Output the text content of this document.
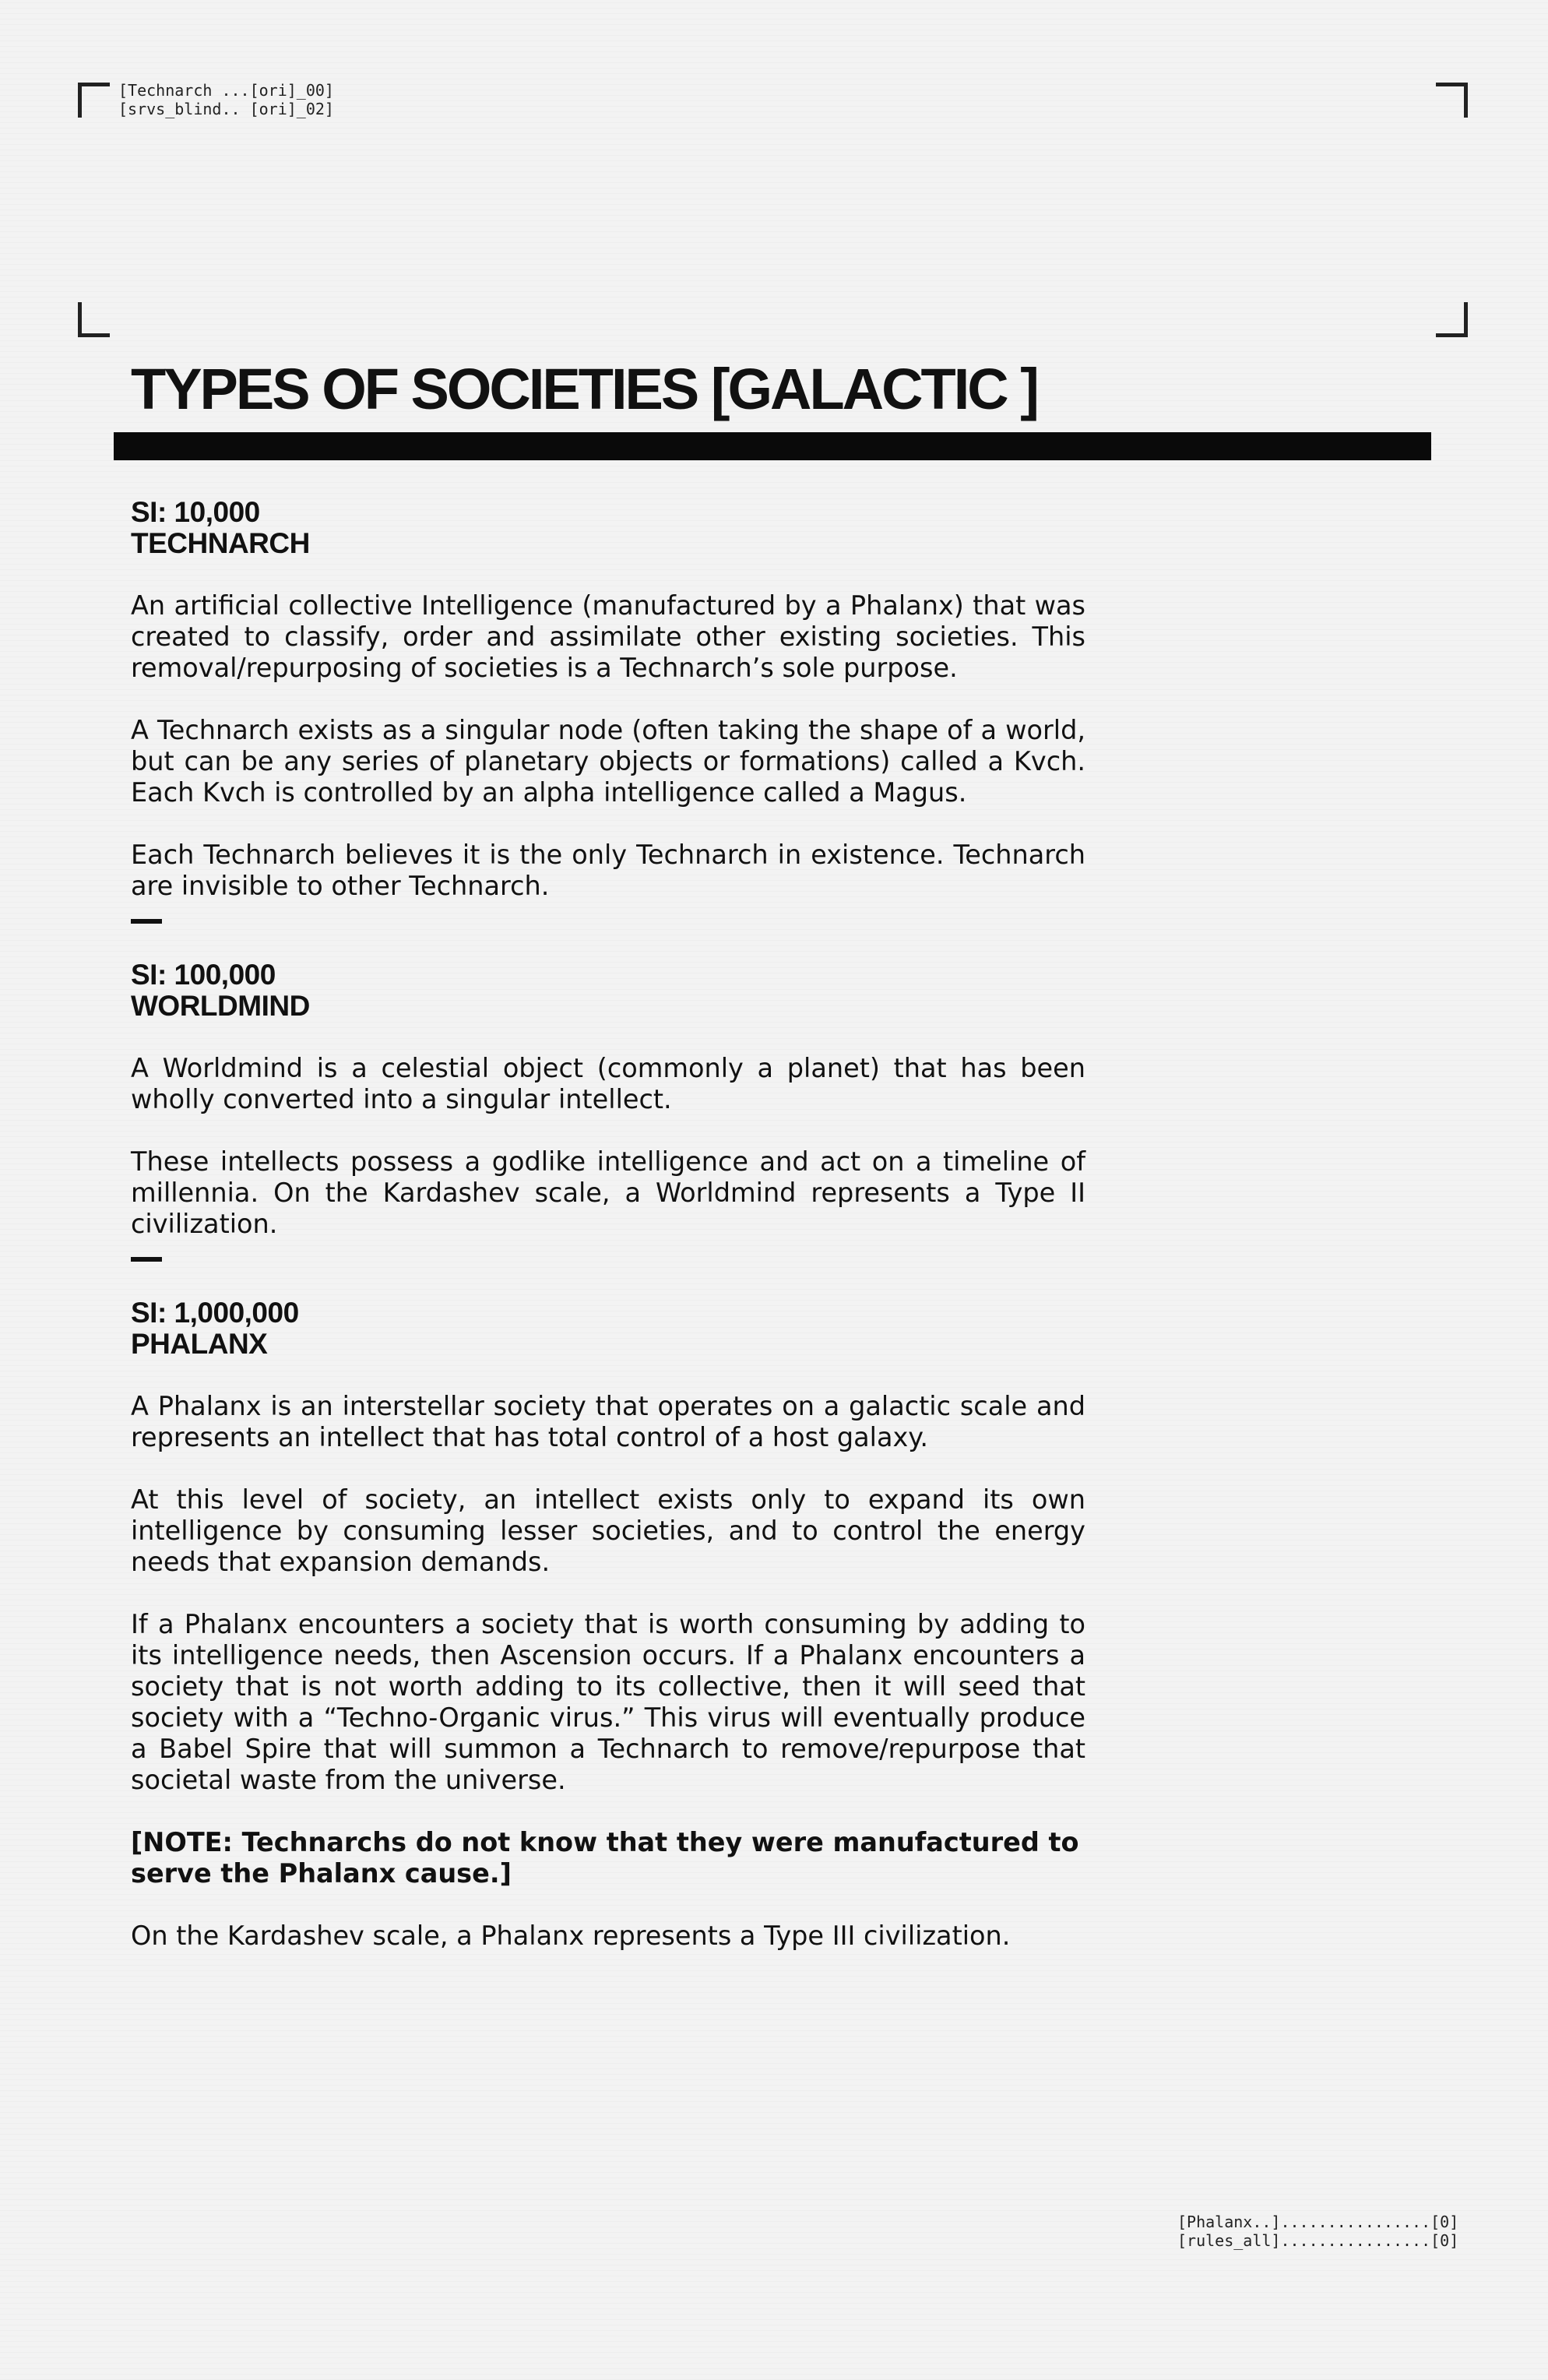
[Technarch ...[ori]_00]
[srvs_blind.. [ori]_02]
TYPES OF SOCIETIES [GALACTIC ]
SI: 10,000
TECHNARCH

An artificial collective Intelligence (manufactured by a Phalanx) that was created to classify, order and assimilate other existing societies. This removal/repurposing of societies is a Technarch’s sole purpose.

A Technarch exists as a singular node (often taking the shape of a world, but can be any series of planetary objects or formations) called a Kvch. Each Kvch is controlled by an alpha intelligence called a Magus.

Each Technarch believes it is the only Technarch in existence. Technarch are invisible to other Technarch.

SI: 100,000
WORLDMIND

A Worldmind is a celestial object (commonly a planet) that has been wholly converted into a singular intellect.

These intellects possess a godlike intelligence and act on a timeline of millennia. On the Kardashev scale, a Worldmind represents a Type II civilization.

SI: 1,000,000
PHALANX

A Phalanx is an interstellar society that operates on a galactic scale and represents an intellect that has total control of a host galaxy.

At this level of society, an intellect exists only to expand its own intelligence by consuming lesser societies, and to control the energy needs that expansion demands.

If a Phalanx encounters a society that is worth consuming by adding to its intelligence needs, then Ascension occurs. If a Phalanx encounters a society that is not worth adding to its collective, then it will seed that society with a “Techno-Organic virus.” This virus will eventually produce a Babel Spire that will summon a Technarch to remove/repurpose that societal waste from the universe.

[NOTE: Technarchs do not know that they were manufactured to serve the Phalanx cause.]

On the Kardashev scale, a Phalanx represents a Type III civilization.

[Phalanx..]................[0]
[rules_all]................[0]
